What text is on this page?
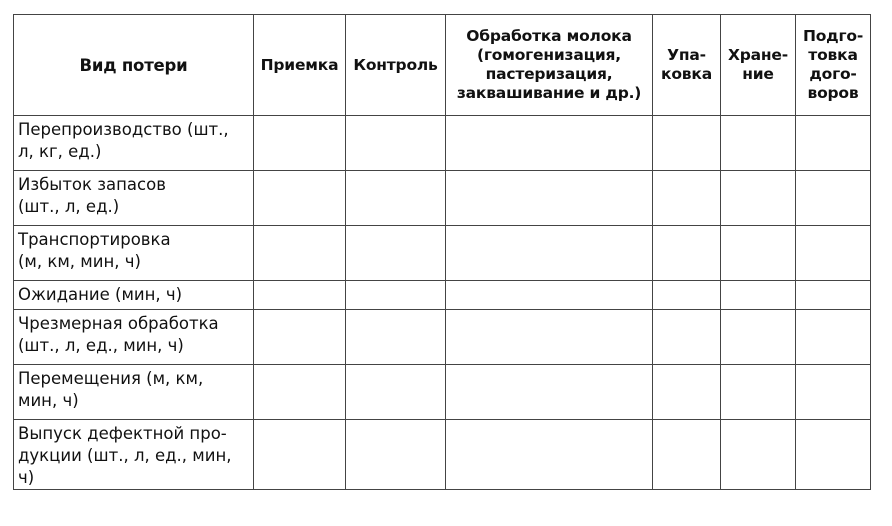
Вид потери	Приемка	Контроль	Обработка молока
(гомогенизация,
пастеризация,
заквашивание и др.)	Упа-
ковка	Хране-
ние	Подго-
товка
дого-
воров

Перепроизводство (шт.,
л, кг, ед.)						

Избыток запасов
(шт., л, ед.)						

Транспортировка
(м, км, мин, ч)						

Ожидание (мин, ч)						

Чрезмерная обработка
(шт., л, ед., мин, ч)						

Перемещения (м, км,
мин, ч)						

Выпуск дефектной про-
дукции (шт., л, ед., мин, ч)						
